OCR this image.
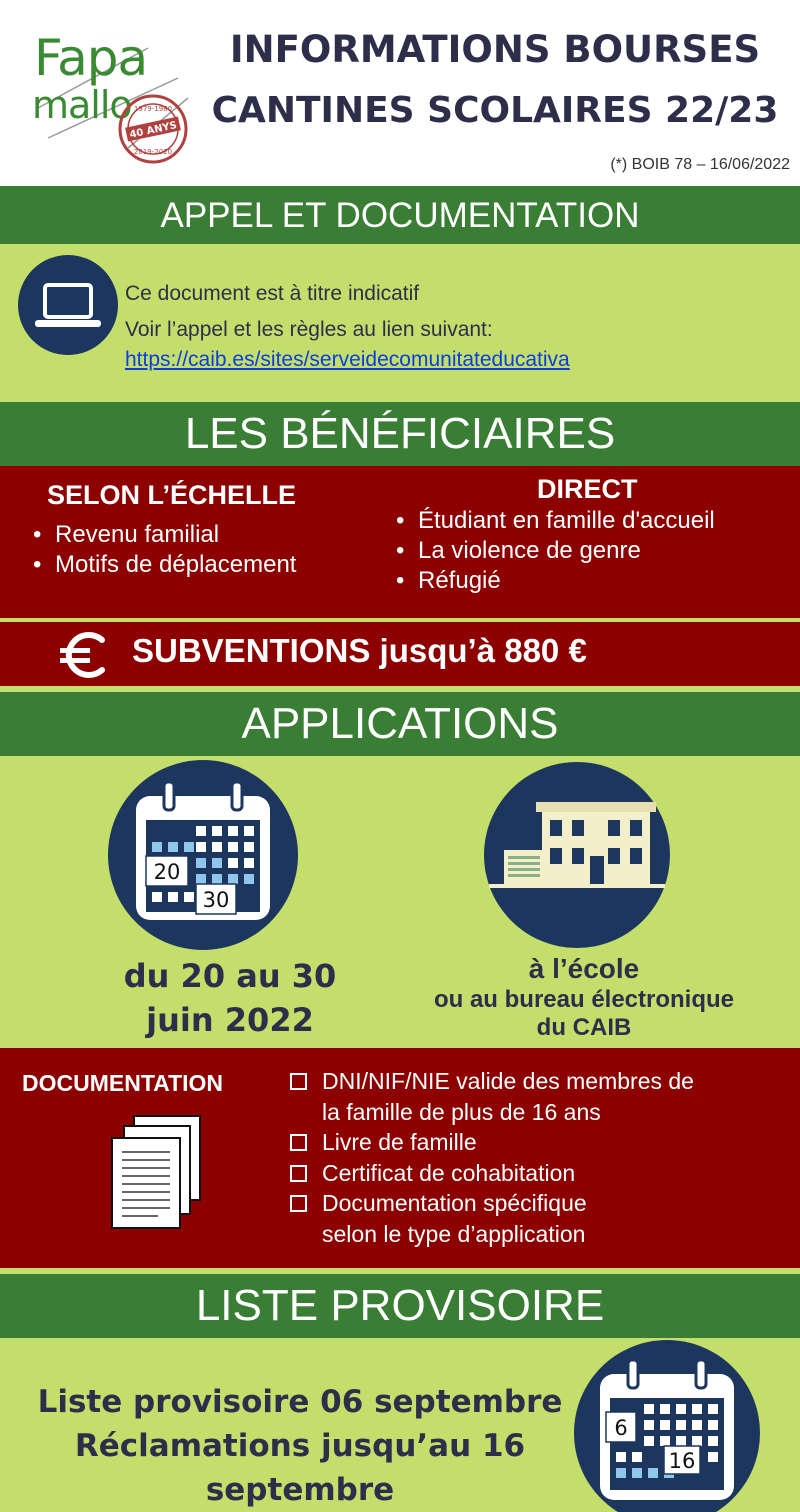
Fapa
mallo 1979-1980
40 ANYS
2019-2020
INFORMATIONS BOURSES
CANTINES SCOLAIRES 22/23
(*) BOIB 78 – 16/06/2022
APPEL ET DOCUMENTATION
Ce document est à titre indicatif
Voir l’appel et les règles au lien suivant:
https://caib.es/sites/serveidecomunitateducativa
LES BÉNÉFICIAIRES
SELON L’ÉCHELLE
• Revenu familial
• Motifs de déplacement
DIRECT
• Étudiant en famille d'accueil
• La violence de genre
• Réfugié
SUBVENTIONS jusqu’à 880 €
APPLICATIONS
20
30
du 20 au 30
juin 2022
à l’école
ou au bureau électronique
du CAIB
DOCUMENTATION	DNI/NIF/NIE valide des membres de
la famille de plus de 16 ans
Livre de famille
Certificat de cohabitation
Documentation spécifique
selon le type d’application
LISTE PROVISOIRE
Liste provisoire 06 septembre
Réclamations jusqu’au 16
septembre
6
16
